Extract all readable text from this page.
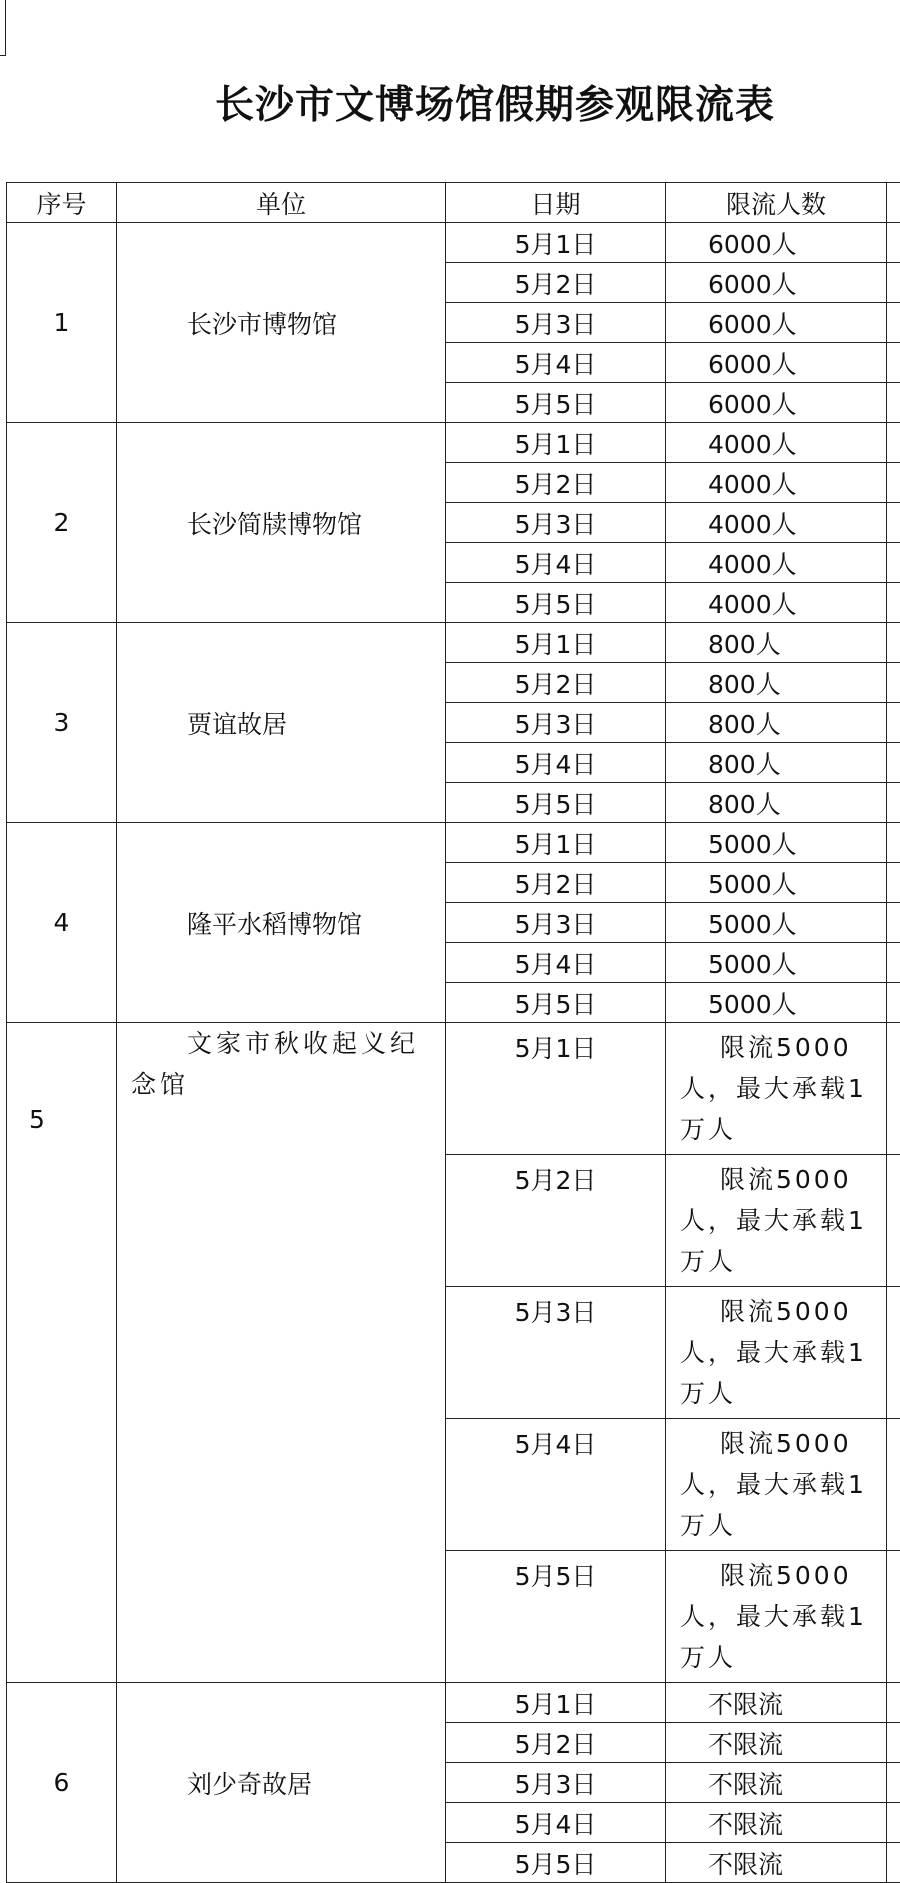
长沙市文博场馆假期参观限流表
序号	单位	日期	限流人数	
1	长沙市博物馆	5月1日	6000人	
		5月2日	6000人	
		5月3日	6000人	
		5月4日	6000人	
		5月5日	6000人	
2	长沙简牍博物馆	5月1日	4000人	
		5月2日	4000人	
		5月3日	4000人	
		5月4日	4000人	
		5月5日	4000人	
3	贾谊故居	5月1日	800人	
		5月2日	800人	
		5月3日	800人	
		5月4日	800人	
		5月5日	800人	
4	隆平水稻博物馆	5月1日	5000人	
		5月2日	5000人	
		5月3日	5000人	
		5月4日	5000人	
		5月5日	5000人	
5	文家市秋收起义纪念馆	5月1日	限流5000人，最大承载1万人	
		5月2日	限流5000人，最大承载1万人	
		5月3日	限流5000人，最大承载1万人	
		5月4日	限流5000人，最大承载1万人	
		5月5日	限流5000人，最大承载1万人	
6	刘少奇故居	5月1日	不限流	
		5月2日	不限流	
		5月3日	不限流	
		5月4日	不限流	
		5月5日	不限流	
